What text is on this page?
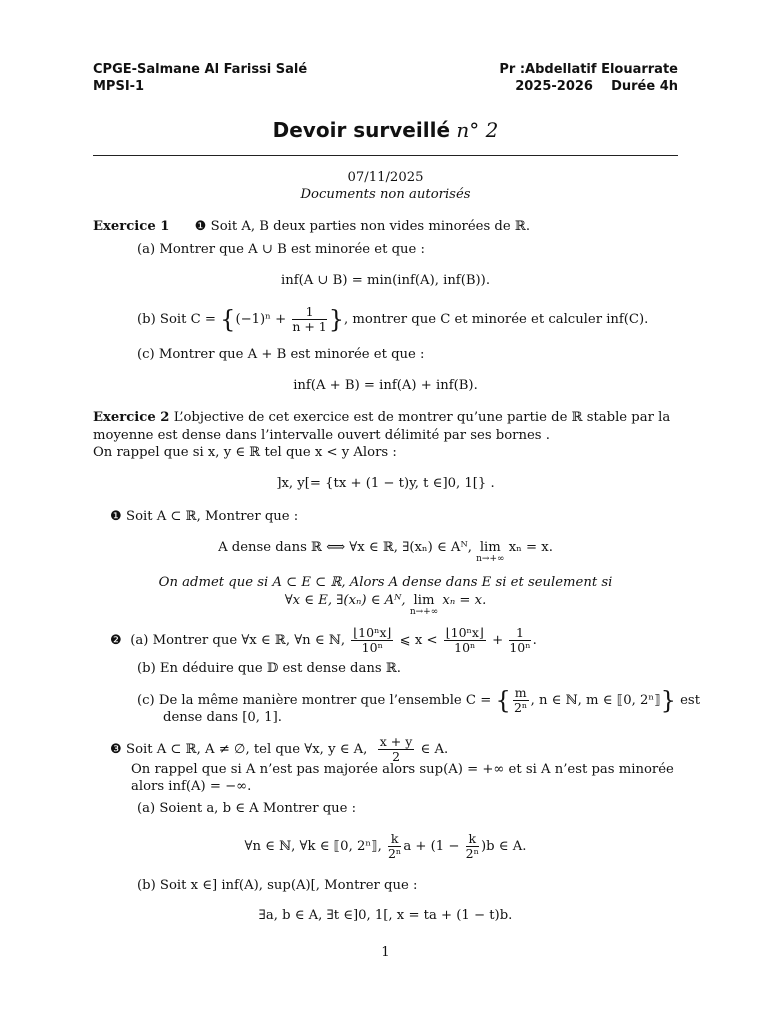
CPGE-Salmane Al Farissi Salé
MPSI-1
Pr :Abdellatif Elouarrate
2025-2026 Durée 4h
Devoir surveillé n° 2
07/11/2025
Documents non autorisés
Exercice 1 ❶ Soit A, B deux parties non vides minorées de ℝ.
(a) Montrer que A ∪ B est minorée et que :
inf(A ∪ B) = min(inf(A), inf(B)).
(b) Soit $C = \{(-1)^n + \frac{1}{n + 1}$ }, montrer que C et minorée et calculer inf(C).
(c) Montrer que A + B est minorée et que :
inf(A + B) = inf(A) + inf(B).
Exercice 2 L’objective de cet exercice est de montrer qu’une partie de ℝ stable par la
moyenne est dense dans l’intervalle ouvert délimité par ses bornes .
On rappel que si x, y ∈ ℝ tel que x < y Alors :
]x, y[= {tx + (1 − t)y, t ∈]0, 1[} .
❶ Soit A ⊂ ℝ, Montrer que :
A dense dans ℝ ⟺ ∀x ∈ ℝ, ∃(xₙ) ∈ Aᴺ, lim
n→+∞
xₙ = x.
On admet que si A ⊂ E ⊂ ℝ, Alors A dense dans E si et seulement si
∀x ∈ E, ∃(xₙ) ∈ Aᴺ, lim
n→+∞
xₙ = x.
❷ (a) Montrer que ∀x ∈ ℝ, ∀n ∈ ℕ, $\frac{\text{⌊10ⁿx⌋}}{\text{10ⁿ}}$ ⩽ $x < \frac{\text{⌊10ⁿx⌋}}{\text{10ⁿ}} + \frac{1}{\text{10ⁿ}}$ .
(b) En déduire que 𝔻 est dense dans ℝ.
(c) De la même manière montrer que l’ensemble C = { $\frac{m}{\text{2ⁿ}}$ , n ∈ ℕ, m ∈ ⟦0, 2ⁿ⟧} est
dense dans [0, 1].
❸ Soit A ⊂ ℝ, A ≠ ∅, tel que ∀x, y ∈ A, $\frac{x + y}{2}$ ∈ A.
On rappel que si A n’est pas majorée alors sup(A) = +∞ et si A n’est pas minorée
alors inf(A) = −∞.
(a) Soient a, b ∈ A Montrer que :
∀n ∈ ℕ, ∀k ∈ ⟦0, 2ⁿ⟧, $\frac{k}{\text{2ⁿ}}$ $a + (1 - \frac{k}{\text{2ⁿ}} )b$ ∈ A.
(b) Soit x ∈] inf(A), sup(A)[, Montrer que :
∃a, b ∈ A, ∃t ∈]0, 1[, x = ta + (1 − t)b.
1
